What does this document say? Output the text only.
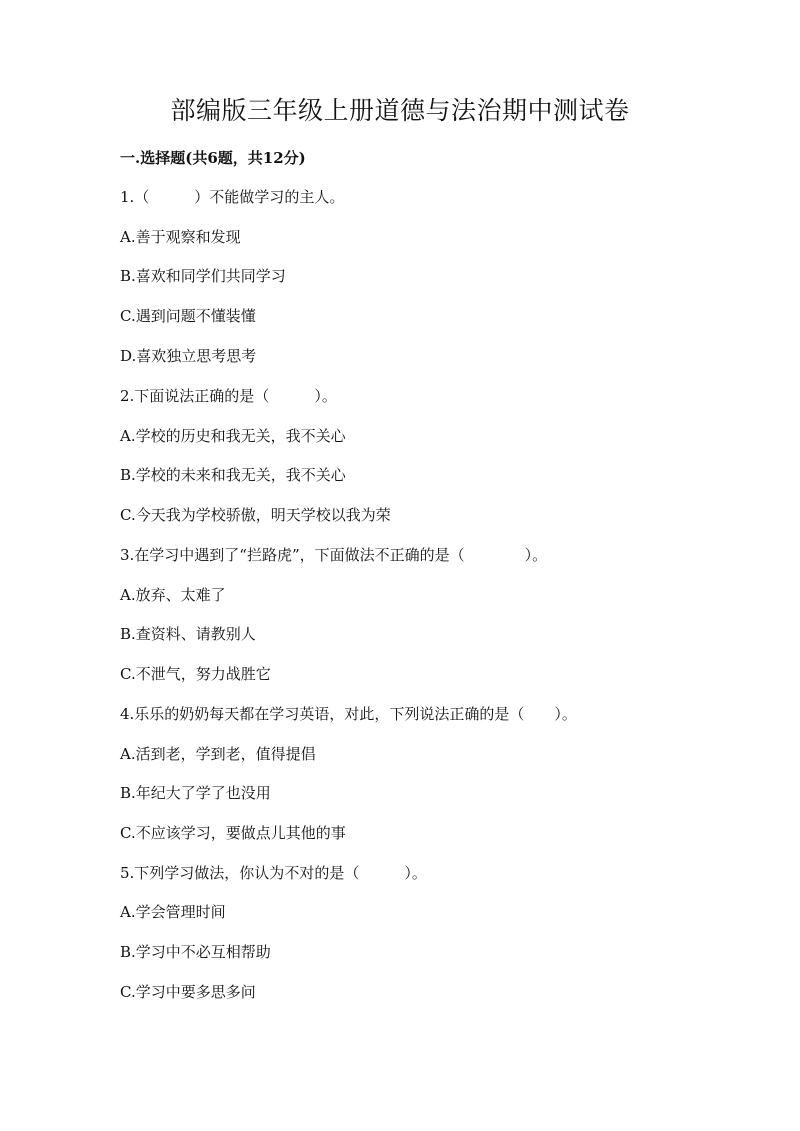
部编版三年级上册道德与法治期中测试卷
一.选择题(共6题，共12分)
1.（　　　）不能做学习的主人。
A.善于观察和发现
B.喜欢和同学们共同学习
C.遇到问题不懂装懂
D.喜欢独立思考思考
2.下面说法正确的是（　　　）。
A.学校的历史和我无关，我不关心
B.学校的未来和我无关，我不关心
C.今天我为学校骄傲，明天学校以我为荣
3.在学习中遇到了“拦路虎”，下面做法不正确的是（　　　　）。
A.放弃、太难了
B.查资料、请教别人
C.不泄气，努力战胜它
4.乐乐的奶奶每天都在学习英语，对此，下列说法正确的是（　　）。
A.活到老，学到老，值得提倡
B.年纪大了学了也没用
C.不应该学习，要做点儿其他的事
5.下列学习做法，你认为不对的是（　　　）。
A.学会管理时间
B.学习中不必互相帮助
C.学习中要多思多问
